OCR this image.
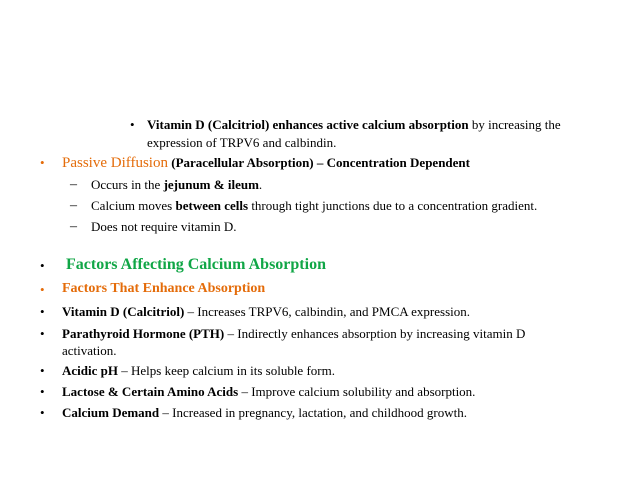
• Vitamin D (Calcitriol) enhances active calcium absorption by increasing the
expression of TRPV6 and calbindin.
• Passive Diffusion (Paracellular Absorption) – Concentration Dependent
– Occurs in the jejunum & ileum.
– Calcium moves between cells through tight junctions due to a concentration gradient.
– Does not require vitamin D.
• Factors Affecting Calcium Absorption
• Factors That Enhance Absorption
• Vitamin D (Calcitriol) – Increases TRPV6, calbindin, and PMCA expression.
• Parathyroid Hormone (PTH) – Indirectly enhances absorption by increasing vitamin D
activation.
• Acidic pH – Helps keep calcium in its soluble form.
• Lactose & Certain Amino Acids – Improve calcium solubility and absorption.
• Calcium Demand – Increased in pregnancy, lactation, and childhood growth.
